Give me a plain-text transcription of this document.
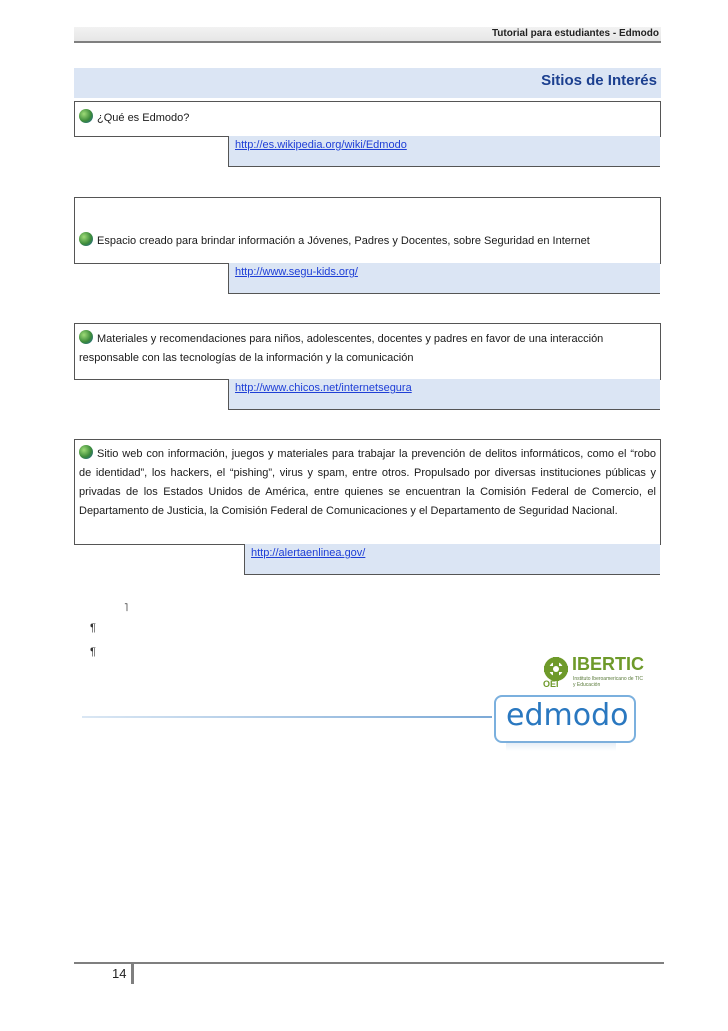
Tutorial para estudiantes - Edmodo
Sitios de Interés

¿Qué es Edmodo?

http://es.wikipedia.org/wiki/Edmodo

Espacio creado para brindar información a Jóvenes, Padres y Docentes, sobre Seguridad en Internet

http://www.segu-kids.org/

Materiales y recomendaciones para niños, adolescentes, docentes y padres en favor de una interacción

responsable con las tecnologías de la información y la comunicación

http://www.chicos.net/internetsegura

Sitio web con información, juegos y materiales para trabajar la prevención de delitos informáticos, como el “robo de identidad”, los hackers, el “pishing”, virus y spam, entre otros. Propulsado por diversas instituciones públicas y privadas de los Estados Unidos de América, entre quienes se encuentran la Comisión Federal de Comercio, el Departamento de Justicia, la Comisión Federal de Comunicaciones y el Departamento de Seguridad Nacional.

http://alertaenlinea.gov/
˥
¶
¶
IBERTIC
Instituto Iberoamericano de TIC y Educación
OEI
edmodo
14
